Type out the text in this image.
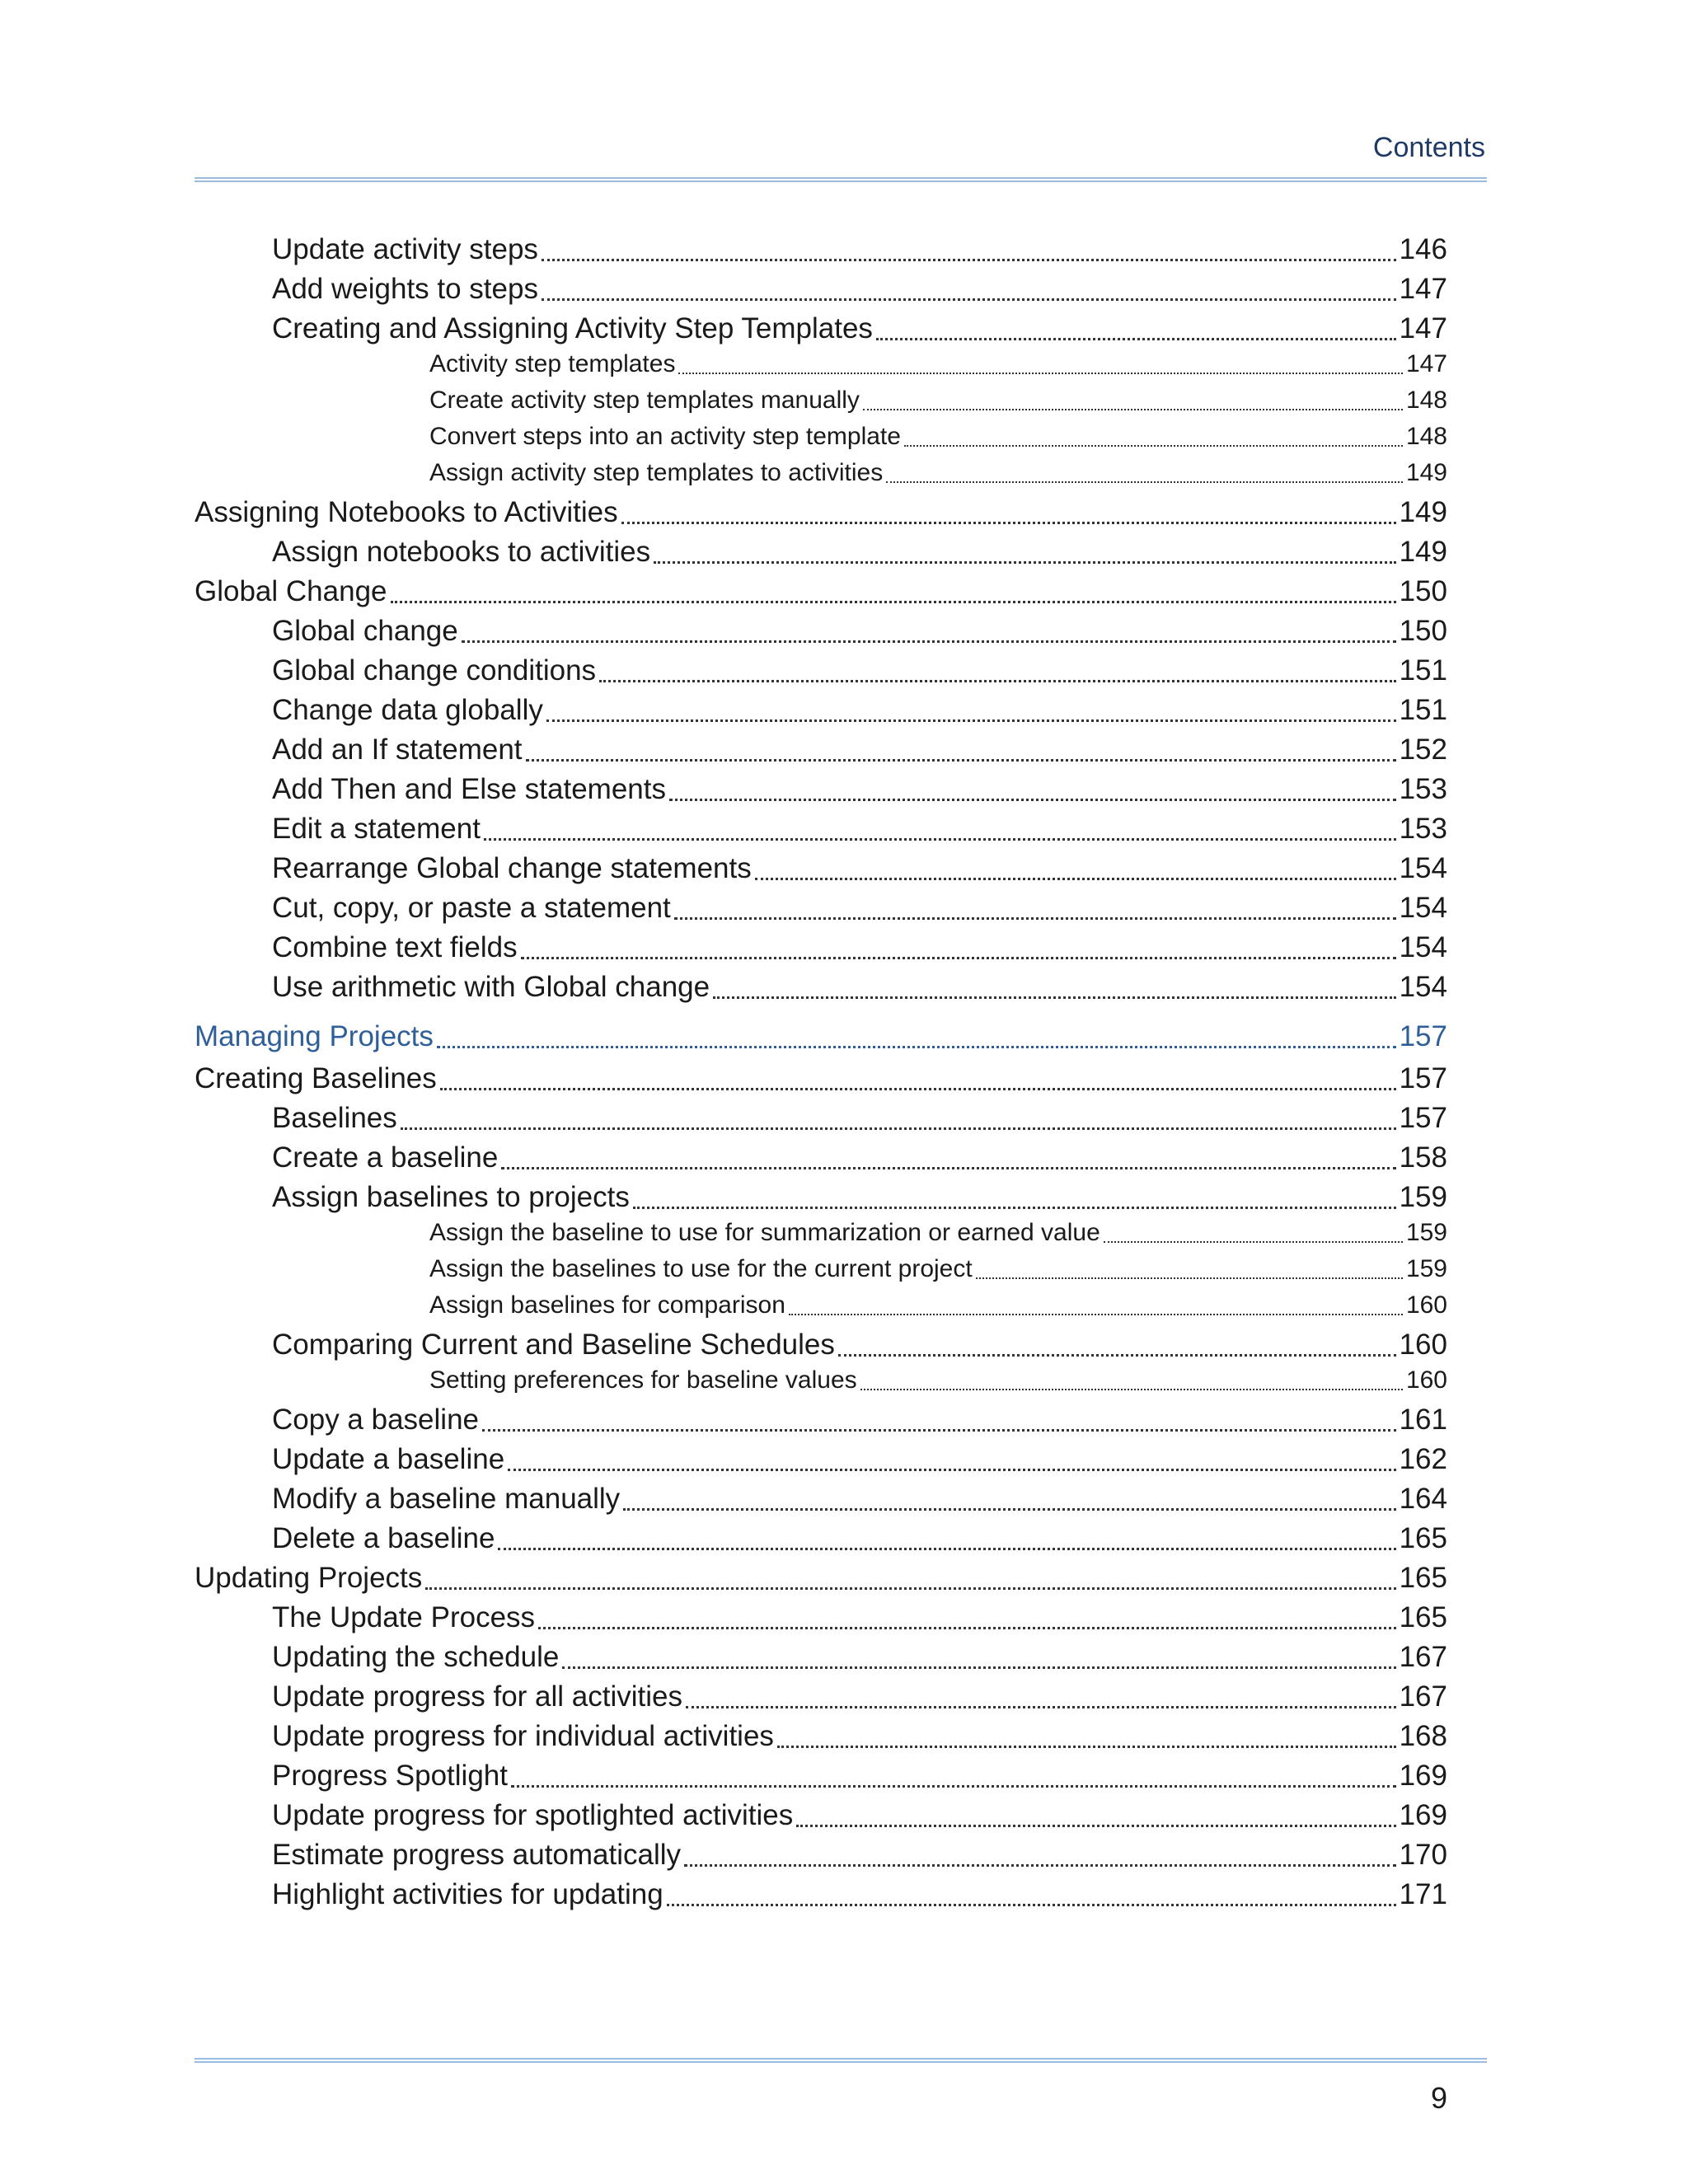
Contents
Update activity steps	146
Add weights to steps	147
Creating and Assigning Activity Step Templates	147
Activity step templates	147
Create activity step templates manually	148
Convert steps into an activity step template	148
Assign activity step templates to activities	149
Assigning Notebooks to Activities	149
Assign notebooks to activities	149
Global Change	150
Global change	150
Global change conditions	151
Change data globally	151
Add an If statement	152
Add Then and Else statements	153
Edit a statement	153
Rearrange Global change statements	154
Cut, copy, or paste a statement	154
Combine text fields	154
Use arithmetic with Global change	154
Managing Projects	157
Creating Baselines	157
Baselines	157
Create a baseline	158
Assign baselines to projects	159
Assign the baseline to use for summarization or earned value	159
Assign the baselines to use for the current project	159
Assign baselines for comparison	160
Comparing Current and Baseline Schedules	160
Setting preferences for baseline values	160
Copy a baseline	161
Update a baseline	162
Modify a baseline manually	164
Delete a baseline	165
Updating Projects	165
The Update Process	165
Updating the schedule	167
Update progress for all activities	167
Update progress for individual activities	168
Progress Spotlight	169
Update progress for spotlighted activities	169
Estimate progress automatically	170
Highlight activities for updating	171
9
